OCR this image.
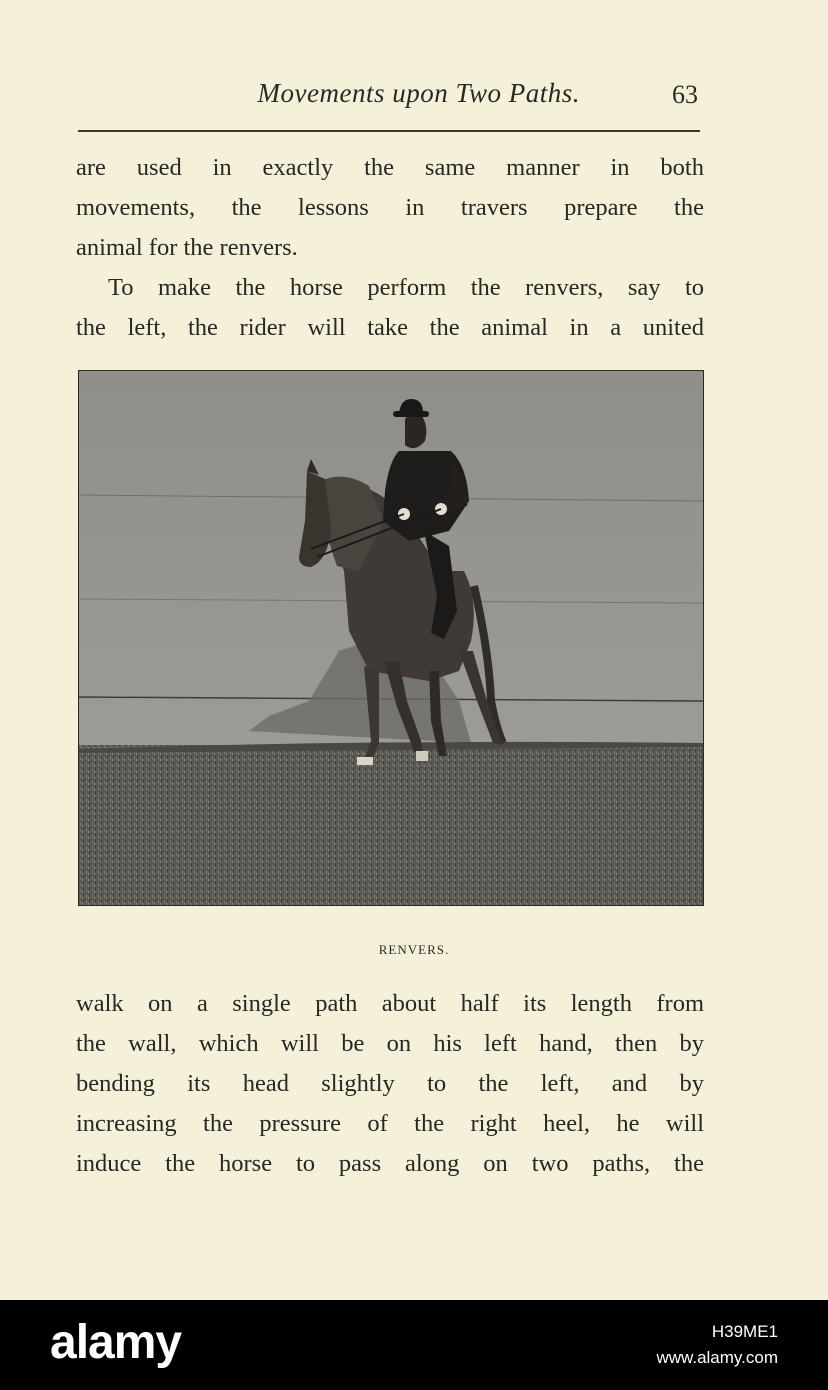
Movements upon Two Paths.	63
are used in exactly the same manner in both
movements, the lessons in travers prepare the
animal for the renvers.
To make the horse perform the renvers, say to
the left, the rider will take the animal in a united
RENVERS.
walk on a single path about half its length from
the wall, which will be on his left hand, then by
bending its head slightly to the left, and by
increasing the pressure of the right heel, he will
induce the horse to pass along on two paths, the
alamy	H39ME1
www.alamy.com
